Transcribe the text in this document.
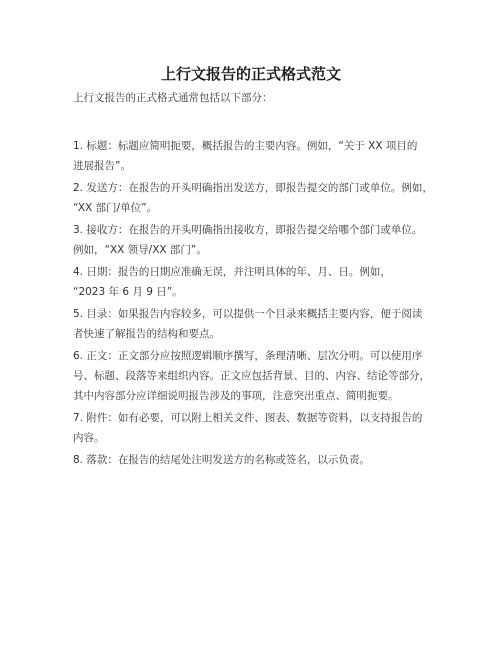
上行文报告的正式格式范文
上行文报告的正式格式通常包括以下部分：
1. 标题：标题应简明扼要，概括报告的主要内容。例如，“关于 XX 项目的
进展报告”。
2. 发送方：在报告的开头明确指出发送方，即报告提交的部门或单位。例如，
“XX 部门/单位”。
3. 接收方：在报告的开头明确指出接收方，即报告提交给哪个部门或单位。
例如，“XX 领导/XX 部门”。
4. 日期：报告的日期应准确无误，并注明具体的年、月、日。例如，
“2023 年 6 月 9 日”。
5. 目录：如果报告内容较多，可以提供一个目录来概括主要内容，便于阅读
者快速了解报告的结构和要点。
6. 正文：正文部分应按照逻辑顺序撰写，条理清晰、层次分明。可以使用序
号、标题、段落等来组织内容。正文应包括背景、目的、内容、结论等部分，
其中内容部分应详细说明报告涉及的事项，注意突出重点、简明扼要。
7. 附件：如有必要，可以附上相关文件、图表、数据等资料，以支持报告的
内容。
8. 落款：在报告的结尾处注明发送方的名称或签名，以示负责。
